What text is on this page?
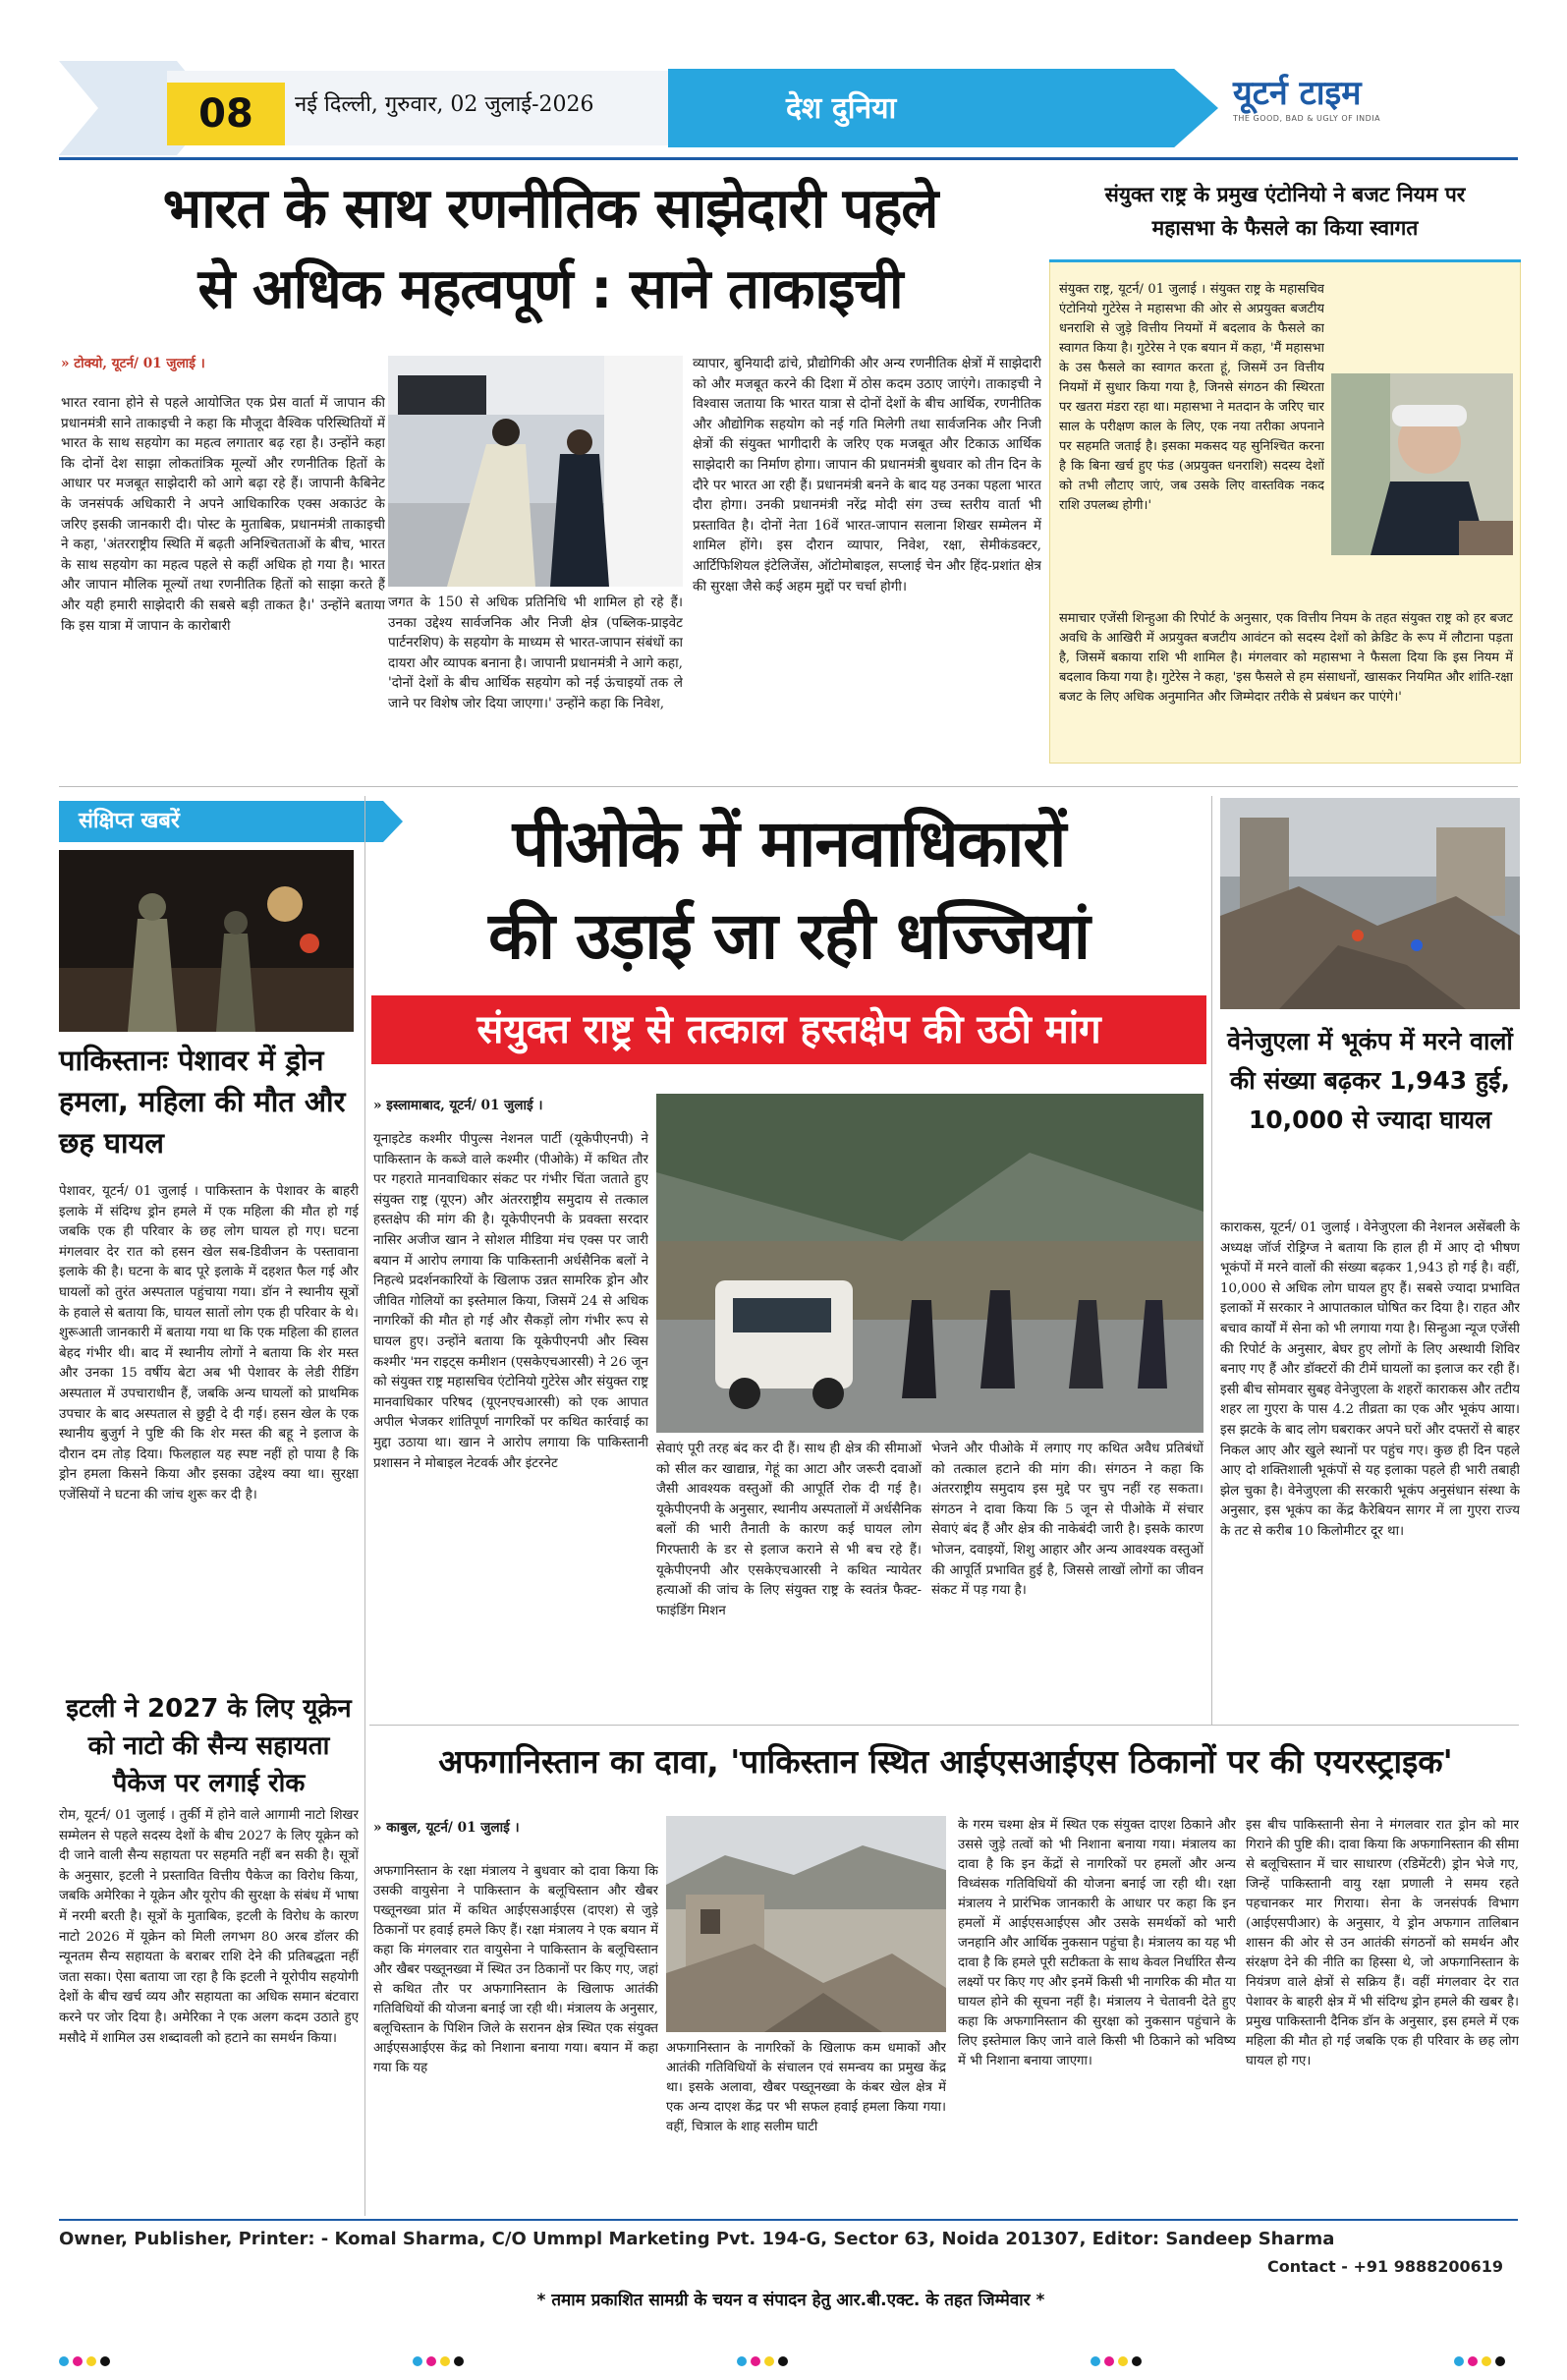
08	नई दिल्ली, गुरुवार, 02 जुलाई-2026	देश दुनिया	यूटर्न टाइम
THE GOOD, BAD & UGLY OF INDIA
भारत के साथ रणनीतिक साझेदारी पहले
से अधिक महत्वपूर्ण : साने ताकाइची
» टोक्यो, यूटर्न/ 01 जुलाई ।
भारत रवाना होने से पहले आयोजित एक प्रेस वार्ता में जापान की प्रधानमंत्री साने ताकाइची ने कहा कि मौजूदा वैश्विक परिस्थितियों में भारत के साथ सहयोग का महत्व लगातार बढ़ रहा है। उन्होंने कहा कि दोनों देश साझा लोकतांत्रिक मूल्यों और रणनीतिक हितों के आधार पर मजबूत साझेदारी को आगे बढ़ा रहे हैं। जापानी कैबिनेट के जनसंपर्क अधिकारी ने अपने आधिकारिक एक्स अकाउंट के जरिए इसकी जानकारी दी। पोस्ट के मुताबिक, प्रधानमंत्री ताकाइची ने कहा, 'अंतरराष्ट्रीय स्थिति में बढ़ती अनिश्चितताओं के बीच, भारत के साथ सहयोग का महत्व पहले से कहीं अधिक हो गया है। भारत और जापान मौलिक मूल्यों तथा रणनीतिक हितों को साझा करते हैं और यही हमारी साझेदारी की सबसे बड़ी ताकत है।' उन्होंने बताया कि इस यात्रा में जापान के कारोबारी
जगत के 150 से अधिक प्रतिनिधि भी शामिल हो रहे हैं। उनका उद्देश्य सार्वजनिक और निजी क्षेत्र (पब्लिक-प्राइवेट पार्टनरशिप) के सहयोग के माध्यम से भारत-जापान संबंधों का दायरा और व्यापक बनाना है। जापानी प्रधानमंत्री ने आगे कहा, 'दोनों देशों के बीच आर्थिक सहयोग को नई ऊंचाइयों तक ले जाने पर विशेष जोर दिया जाएगा।' उन्होंने कहा कि निवेश,
व्यापार, बुनियादी ढांचे, प्रौद्योगिकी और अन्य रणनीतिक क्षेत्रों में साझेदारी को और मजबूत करने की दिशा में ठोस कदम उठाए जाएंगे। ताकाइची ने विश्वास जताया कि भारत यात्रा से दोनों देशों के बीच आर्थिक, रणनीतिक और औद्योगिक सहयोग को नई गति मिलेगी तथा सार्वजनिक और निजी क्षेत्रों की संयुक्त भागीदारी के जरिए एक मजबूत और टिकाऊ आर्थिक साझेदारी का निर्माण होगा। जापान की प्रधानमंत्री बुधवार को तीन दिन के दौरे पर भारत आ रही हैं। प्रधानमंत्री बनने के बाद यह उनका पहला भारत दौरा होगा। उनकी प्रधानमंत्री नरेंद्र मोदी संग उच्च स्तरीय वार्ता भी प्रस्तावित है। दोनों नेता 16वें भारत-जापान सलाना शिखर सम्मेलन में शामिल होंगे। इस दौरान व्यापार, निवेश, रक्षा, सेमीकंडक्टर, आर्टिफिशियल इंटेलिजेंस, ऑटोमोबाइल, सप्लाई चेन और हिंद-प्रशांत क्षेत्र की सुरक्षा जैसे कई अहम मुद्दों पर चर्चा होगी।
संयुक्त राष्ट्र के प्रमुख एंटोनियो ने बजट नियम पर महासभा के फैसले का किया स्वागत
संयुक्त राष्ट्र, यूटर्न/ 01 जुलाई । संयुक्त राष्ट्र के महासचिव एंटोनियो गुटेरेस ने महासभा की ओर से अप्रयुक्त बजटीय धनराशि से जुड़े वित्तीय नियमों में बदलाव के फैसले का स्वागत किया है। गुटेरेस ने एक बयान में कहा, 'मैं महासभा के उस फैसले का स्वागत करता हूं, जिसमें उन वित्तीय नियमों में सुधार किया गया है, जिनसे संगठन की स्थिरता पर खतरा मंडरा रहा था। महासभा ने मतदान के जरिए चार साल के परीक्षण काल के लिए, एक नया तरीका अपनाने पर सहमति जताई है। इसका मकसद यह सुनिश्चित करना है कि बिना खर्च हुए फंड (अप्रयुक्त धनराशि) सदस्य देशों को तभी लौटाए जाएं, जब उसके लिए वास्तविक नकद राशि उपलब्ध होगी।'
समाचार एजेंसी शिन्हुआ की रिपोर्ट के अनुसार, एक वित्तीय नियम के तहत संयुक्त राष्ट्र को हर बजट अवधि के आखिरी में अप्रयुक्त बजटीय आवंटन को सदस्य देशों को क्रेडिट के रूप में लौटाना पड़ता है, जिसमें बकाया राशि भी शामिल है। मंगलवार को महासभा ने फैसला दिया कि इस नियम में बदलाव किया गया है। गुटेरेस ने कहा, 'इस फैसले से हम संसाधनों, खासकर नियमित और शांति-रक्षा बजट के लिए अधिक अनुमानित और जिम्मेदार तरीके से प्रबंधन कर पाएंगे।'
संक्षिप्त खबरें
पाकिस्तानः पेशावर में ड्रोन हमला, महिला की मौत और छह घायल
पेशावर, यूटर्न/ 01 जुलाई । पाकिस्तान के पेशावर के बाहरी इलाके में संदिग्ध ड्रोन हमले में एक महिला की मौत हो गई जबकि एक ही परिवार के छह लोग घायल हो गए। घटना मंगलवार देर रात को हसन खेल सब-डिवीजन के पस्तावाना इलाके की है। घटना के बाद पूरे इलाके में दहशत फैल गई और घायलों को तुरंत अस्पताल पहुंचाया गया। डॉन ने स्थानीय सूत्रों के हवाले से बताया कि, घायल सातों लोग एक ही परिवार के थे। शुरूआती जानकारी में बताया गया था कि एक महिला की हालत बेहद गंभीर थी। बाद में स्थानीय लोगों ने बताया कि शेर मस्त और उनका 15 वर्षीय बेटा अब भी पेशावर के लेडी रीडिंग अस्पताल में उपचाराधीन हैं, जबकि अन्य घायलों को प्राथमिक उपचार के बाद अस्पताल से छुट्टी दे दी गई। हसन खेल के एक स्थानीय बुजुर्ग ने पुष्टि की कि शेर मस्त की बहू ने इलाज के दौरान दम तोड़ दिया। फिलहाल यह स्पष्ट नहीं हो पाया है कि ड्रोन हमला किसने किया और इसका उद्देश्य क्या था। सुरक्षा एजेंसियों ने घटना की जांच शुरू कर दी है।
इटली ने 2027 के लिए यूक्रेन को नाटो की सैन्य सहायता पैकेज पर लगाई रोक
रोम, यूटर्न/ 01 जुलाई । तुर्की में होने वाले आगामी नाटो शिखर सम्मेलन से पहले सदस्य देशों के बीच 2027 के लिए यूक्रेन को दी जाने वाली सैन्य सहायता पर सहमति नहीं बन सकी है। सूत्रों के अनुसार, इटली ने प्रस्तावित वित्तीय पैकेज का विरोध किया, जबकि अमेरिका ने यूक्रेन और यूरोप की सुरक्षा के संबंध में भाषा में नरमी बरती है। सूत्रों के मुताबिक, इटली के विरोध के कारण नाटो 2026 में यूक्रेन को मिली लगभग 80 अरब डॉलर की न्यूनतम सैन्य सहायता के बराबर राशि देने की प्रतिबद्धता नहीं जता सका। ऐसा बताया जा रहा है कि इटली ने यूरोपीय सहयोगी देशों के बीच खर्च व्यय और सहायता का अधिक समान बंटवारा करने पर जोर दिया है। अमेरिका ने एक अलग कदम उठाते हुए मसौदे में शामिल उस शब्दावली को हटाने का समर्थन किया।
पीओके में मानवाधिकारों
की उड़ाई जा रही धज्जियां
संयुक्त राष्ट्र से तत्काल हस्तक्षेप की उठी मांग
» इस्लामाबाद, यूटर्न/ 01 जुलाई ।
यूनाइटेड कश्मीर पीपुल्स नेशनल पार्टी (यूकेपीएनपी) ने पाकिस्तान के कब्जे वाले कश्मीर (पीओके) में कथित तौर पर गहराते मानवाधिकार संकट पर गंभीर चिंता जताते हुए संयुक्त राष्ट्र (यूएन) और अंतरराष्ट्रीय समुदाय से तत्काल हस्तक्षेप की मांग की है। यूकेपीएनपी के प्रवक्ता सरदार नासिर अजीज खान ने सोशल मीडिया मंच एक्स पर जारी बयान में आरोप लगाया कि पाकिस्तानी अर्धसैनिक बलों ने निहत्थे प्रदर्शनकारियों के खिलाफ उन्नत सामरिक ड्रोन और जीवित गोलियों का इस्तेमाल किया, जिसमें 24 से अधिक नागरिकों की मौत हो गई और सैकड़ों लोग गंभीर रूप से घायल हुए। उन्होंने बताया कि यूकेपीएनपी और स्विस कश्मीर 'मन राइट्स कमीशन (एसकेएचआरसी) ने 26 जून को संयुक्त राष्ट्र महासचिव एंटोनियो गुटेरेस और संयुक्त राष्ट्र मानवाधिकार परिषद (यूएनएचआरसी) को एक आपात अपील भेजकर शांतिपूर्ण नागरिकों पर कथित कार्रवाई का मुद्दा उठाया था। खान ने आरोप लगाया कि पाकिस्तानी प्रशासन ने मोबाइल नेटवर्क और इंटरनेट
सेवाएं पूरी तरह बंद कर दी हैं। साथ ही क्षेत्र की सीमाओं को सील कर खाद्यान्न, गेहूं का आटा और जरूरी दवाओं जैसी आवश्यक वस्तुओं की आपूर्ति रोक दी गई है। यूकेपीएनपी के अनुसार, स्थानीय अस्पतालों में अर्धसैनिक बलों की भारी तैनाती के कारण कई घायल लोग गिरफ्तारी के डर से इलाज कराने से भी बच रहे हैं। यूकेपीएनपी और एसकेएचआरसी ने कथित न्यायेतर हत्याओं की जांच के लिए संयुक्त राष्ट्र के स्वतंत्र फैक्ट-फाइंडिंग मिशन
भेजने और पीओके में लगाए गए कथित अवैध प्रतिबंधों को तत्काल हटाने की मांग की। संगठन ने कहा कि अंतरराष्ट्रीय समुदाय इस मुद्दे पर चुप नहीं रह सकता। संगठन ने दावा किया कि 5 जून से पीओके में संचार सेवाएं बंद हैं और क्षेत्र की नाकेबंदी जारी है। इसके कारण भोजन, दवाइयों, शिशु आहार और अन्य आवश्यक वस्तुओं की आपूर्ति प्रभावित हुई है, जिससे लाखों लोगों का जीवन संकट में पड़ गया है।
वेनेजुएला में भूकंप में मरने वालों की संख्या बढ़कर 1,943 हुई, 10,000 से ज्यादा घायल
काराकस, यूटर्न/ 01 जुलाई । वेनेजुएला की नेशनल असेंबली के अध्यक्ष जॉर्ज रोड्रिग्ज ने बताया कि हाल ही में आए दो भीषण भूकंपों में मरने वालों की संख्या बढ़कर 1,943 हो गई है। वहीं, 10,000 से अधिक लोग घायल हुए हैं। सबसे ज्यादा प्रभावित इलाकों में सरकार ने आपातकाल घोषित कर दिया है। राहत और बचाव कार्यों में सेना को भी लगाया गया है। सिन्हुआ न्यूज एजेंसी की रिपोर्ट के अनुसार, बेघर हुए लोगों के लिए अस्थायी शिविर बनाए गए हैं और डॉक्टरों की टीमें घायलों का इलाज कर रही हैं। इसी बीच सोमवार सुबह वेनेजुएला के शहरों काराकस और तटीय शहर ला गुएरा के पास 4.2 तीव्रता का एक और भूकंप आया। इस झटके के बाद लोग घबराकर अपने घरों और दफ्तरों से बाहर निकल आए और खुले स्थानों पर पहुंच गए। कुछ ही दिन पहले आए दो शक्तिशाली भूकंपों से यह इलाका पहले ही भारी तबाही झेल चुका है। वेनेजुएला की सरकारी भूकंप अनुसंधान संस्था के अनुसार, इस भूकंप का केंद्र कैरेबियन सागर में ला गुएरा राज्य के तट से करीब 10 किलोमीटर दूर था।
अफगानिस्तान का दावा, 'पाकिस्तान स्थित आईएसआईएस ठिकानों पर की एयरस्ट्राइक'
» काबुल, यूटर्न/ 01 जुलाई ।
अफगानिस्तान के रक्षा मंत्रालय ने बुधवार को दावा किया कि उसकी वायुसेना ने पाकिस्तान के बलूचिस्तान और खैबर पख्तूनख्वा प्रांत में कथित आईएसआईएस (दाएश) से जुड़े ठिकानों पर हवाई हमले किए हैं। रक्षा मंत्रालय ने एक बयान में कहा कि मंगलवार रात वायुसेना ने पाकिस्तान के बलूचिस्तान और खैबर पख्तूनख्वा में स्थित उन ठिकानों पर किए गए, जहां से कथित तौर पर अफगानिस्तान के खिलाफ आतंकी गतिविधियों की योजना बनाई जा रही थी। मंत्रालय के अनुसार, बलूचिस्तान के पिशिन जिले के सरानन क्षेत्र स्थित एक संयुक्त आईएसआईएस केंद्र को निशाना बनाया गया। बयान में कहा गया कि यह
अफगानिस्तान के नागरिकों के खिलाफ कम धमाकों और आतंकी गतिविधियों के संचालन एवं समन्वय का प्रमुख केंद्र था। इसके अलावा, खैबर पख्तूनख्वा के कंबर खेल क्षेत्र में एक अन्य दाएश केंद्र पर भी सफल हवाई हमला किया गया। वहीं, चित्राल के शाह सलीम घाटी
के गरम चश्मा क्षेत्र में स्थित एक संयुक्त दाएश ठिकाने और उससे जुड़े तत्वों को भी निशाना बनाया गया। मंत्रालय का दावा है कि इन केंद्रों से नागरिकों पर हमलों और अन्य विध्वंसक गतिविधियों की योजना बनाई जा रही थी। रक्षा मंत्रालय ने प्रारंभिक जानकारी के आधार पर कहा कि इन हमलों में आईएसआईएस और उसके समर्थकों को भारी जनहानि और आर्थिक नुकसान पहुंचा है। मंत्रालय का यह भी दावा है कि हमले पूरी सटीकता के साथ केवल निर्धारित सैन्य लक्ष्यों पर किए गए और इनमें किसी भी नागरिक की मौत या घायल होने की सूचना नहीं है। मंत्रालय ने चेतावनी देते हुए कहा कि अफगानिस्तान की सुरक्षा को नुकसान पहुंचाने के लिए इस्तेमाल किए जाने वाले किसी भी ठिकाने को भविष्य में भी निशाना बनाया जाएगा।
इस बीच पाकिस्तानी सेना ने मंगलवार रात ड्रोन को मार गिराने की पुष्टि की। दावा किया कि अफगानिस्तान की सीमा से बलूचिस्तान में चार साधारण (रडिमेंटरी) ड्रोन भेजे गए, जिन्हें पाकिस्तानी वायु रक्षा प्रणाली ने समय रहते पहचानकर मार गिराया। सेना के जनसंपर्क विभाग (आईएसपीआर) के अनुसार, ये ड्रोन अफगान तालिबान शासन की ओर से उन आतंकी संगठनों को समर्थन और संरक्षण देने की नीति का हिस्सा थे, जो अफगानिस्तान के नियंत्रण वाले क्षेत्रों से सक्रिय हैं। वहीं मंगलवार देर रात पेशावर के बाहरी क्षेत्र में भी संदिग्ध ड्रोन हमले की खबर है। प्रमुख पाकिस्तानी दैनिक डॉन के अनुसार, इस हमले में एक महिला की मौत हो गई जबकि एक ही परिवार के छह लोग घायल हो गए।
Owner, Publisher, Printer: - Komal Sharma, C/O Ummpl Marketing Pvt. 194-G, Sector 63, Noida 201307, Editor: Sandeep Sharma
Contact - +91 9888200619
* तमाम प्रकाशित सामग्री के चयन व संपादन हेतु आर.बी.एक्ट. के तहत जिम्मेवार *
